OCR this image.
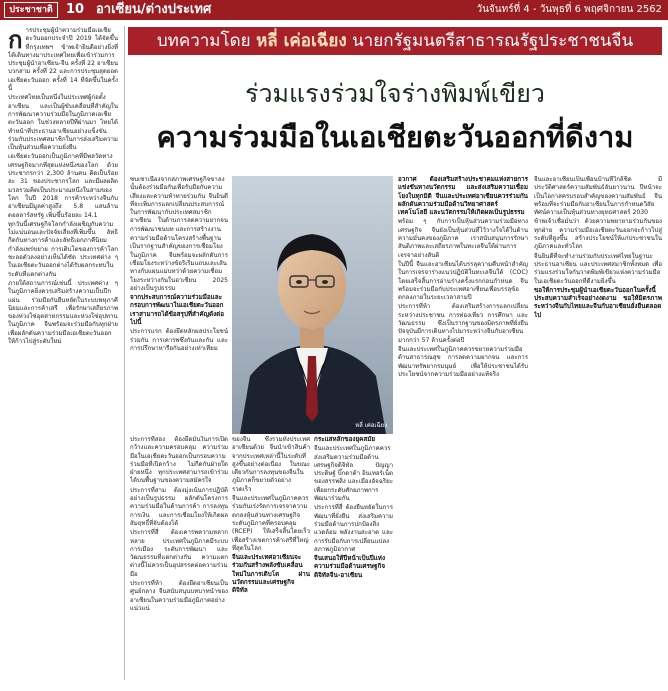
ประชาชาติ	10 อาเซียน/ต่างประเทศ	วันจันทร์ที่ 4 - วันพุธที่ 6 พฤศจิกายน 2562
ก ารประชุมผู้นำความร่วมมือเอเชียตะวันออกประจำปี 2019 ได้จัดขึ้นที่กรุงเทพฯ ข้าพเจ้ายินดีอย่างยิ่งที่ได้เดินทางมาประเทศไทยเพื่อเข้าร่วมการประชุมผู้นำอาเซียน-จีน ครั้งที่ 22 อาเซียนบวกสาม ครั้งที่ 22 และการประชุมสุดยอดเอเชียตะวันออก ครั้งที่ 14 ที่จัดขึ้นในครั้งนี้

ประเทศไทยเป็นหนึ่งในประเทศผู้ก่อตั้งอาเซียน และเป็นผู้ขับเคลื่อนที่สำคัญในการพัฒนาความร่วมมือในภูมิภาคเอเชียตะวันออก ในช่วงหลายปีที่ผ่านมา ไทยได้ทำหน้าที่ประธานอาเซียนอย่างแข็งขัน ร่วมกับประเทศสมาชิกในการส่งเสริมความเป็นหุ้นส่วนเพื่อความยั่งยืน

เอเชียตะวันออกเป็นภูมิภาคที่มีพลวัตทางเศรษฐกิจมากที่สุดแห่งหนึ่งของโลก ด้วยประชากรกว่า 2,300 ล้านคน คิดเป็นร้อยละ 31 ของประชากรโลก และมีผลผลิตมวลรวมคิดเป็นประมาณหนึ่งในสามของโลก ในปี 2018 การค้าระหว่างจีนกับอาเซียนมีมูลค่าสูงถึง 5.8 แสนล้านดอลลาร์สหรัฐ เพิ่มขึ้นร้อยละ 14.1

ทุกวันนี้เศรษฐกิจโลกกำลังเผชิญกับความไม่แน่นอนและปัจจัยเสี่ยงที่เพิ่มขึ้น ลัทธิกีดกันทางการค้าและลัทธิเอกภาคีนิยมกำลังแพร่ขยาย การเติบโตของการค้าโลกชะลอตัวลงอย่างเห็นได้ชัด ประเทศต่าง ๆ ในเอเชียตะวันออกต่างได้รับผลกระทบในระดับที่แตกต่างกัน

ภายใต้สถานการณ์เช่นนี้ ประเทศต่าง ๆ ในภูมิภาคยิ่งควรเสริมสร้างความเป็นปึกแผ่น ร่วมมือกันยืนหยัดในระบบพหุภาคีนิยมและการค้าเสรี เพื่อรักษาเสถียรภาพของห่วงโซ่อุตสาหกรรมและห่วงโซ่อุปทานในภูมิภาค จีนพร้อมจะร่วมมือกับทุกฝ่ายเพื่อผลักดันความร่วมมือเอเชียตะวันออกให้ก้าวไปสู่ระดับใหม่

บทความโดย หลี่ เค่อเฉียง นายกรัฐมนตรีสาธารณรัฐประชาชนจีน
ร่วมแรงร่วมใจร่างพิมพ์เขียว
ความร่วมมือในเอเชียตะวันออกที่ดีงาม

ซบเซาเนื่องจากสภาพเศรษฐกิจขาลงนั้นต้องร่วมมือกันเพื่อรับมือกับความเสี่ยงและความท้าทายร่วมกัน จีนยินดีที่จะเพิ่มการแลกเปลี่ยนประสบการณ์ในการพัฒนากับประเทศสมาชิกอาเซียน ในด้านการลดความยากจน การพัฒนาชนบท และการสร้างงาน

ความร่วมมือด้านโครงสร้างพื้นฐานเป็นรากฐานสำคัญของการเชื่อมโยงในภูมิภาค จีนพร้อมจะผลักดันการเชื่อมโยงระหว่างข้อริเริ่มแถบและเส้นทางกับแผนแม่บทว่าด้วยความเชื่อมโยงระหว่างกันในอาเซียน 2025 อย่างเป็นรูปธรรม

จากประสบการณ์ความร่วมมือและกรอบการพัฒนาในเอเชียตะวันออก เราสามารถได้ข้อสรุปที่สำคัญดังต่อไปนี้

ประการแรก ต้องยึดหลักผลประโยชน์ร่วมกัน การเคารพซึ่งกันและกัน และการปรึกษาหารือกันอย่างเท่าเทียม

หลี่ เค่อเฉียง

ประการที่สอง ต้องยึดมั่นในการเปิดกว้างและความครอบคลุม ความร่วมมือในเอเชียตะวันออกเป็นกรอบความร่วมมือที่เปิดกว้าง ไม่กีดกันฝ่ายใดฝ่ายหนึ่ง ทุกประเทศสามารถเข้าร่วมได้บนพื้นฐานของความสมัครใจ

ประการที่สาม ต้องมุ่งเน้นการปฏิบัติอย่างเป็นรูปธรรม ผลักดันโครงการความร่วมมือในด้านการค้า การลงทุน การเงิน และการเชื่อมโยงให้เกิดผลสัมฤทธิ์ที่จับต้องได้

ประการที่สี่ ต้องเคารพความหลากหลาย ประเทศในภูมิภาคมีระบบการเมือง ระดับการพัฒนา และวัฒนธรรมที่แตกต่างกัน ความแตกต่างนี้ไม่ควรเป็นอุปสรรคต่อความร่วมมือ

ประการที่ห้า ต้องยึดอาเซียนเป็นศูนย์กลาง จีนสนับสนุนบทบาทนำของอาเซียนในความร่วมมือภูมิภาคอย่างแน่วแน่

ของจีน ซึ่งรวมทั้งประเทศอาเซียนด้วย จีนนำเข้าสินค้าจากประเทศเหล่านี้ในระดับที่สูงขึ้นอย่างต่อเนื่อง ในขณะเดียวกันการลงทุนของจีนในภูมิภาคก็ขยายตัวอย่างรวดเร็ว

จีนและประเทศในภูมิภาคควรร่วมกันเร่งรัดการเจรจาความตกลงหุ้นส่วนทางเศรษฐกิจระดับภูมิภาคที่ครอบคลุม (RCEP) ให้เสร็จสิ้นโดยเร็ว เพื่อสร้างเขตการค้าเสรีที่ใหญ่ที่สุดในโลก

จีนและประเทศอาเซียนจะร่วมกันสร้างพลังขับเคลื่อนใหม่ในการเติบโต ผ่านนวัตกรรมและเศรษฐกิจดิจิทัล

กระแสหลักของยุคสมัย

จีนและประเทศในภูมิภาคควรส่งเสริมความร่วมมือด้านเศรษฐกิจดิจิทัล ปัญญาประดิษฐ์ บิ๊กดาต้า อินเทอร์เน็ตของสรรพสิ่ง และเมืองอัจฉริยะ เพื่อยกระดับศักยภาพการพัฒนาร่วมกัน

ประการที่สี่ ต้องยืนหยัดในการพัฒนาที่ยั่งยืน ส่งเสริมความร่วมมือด้านการปกป้องสิ่งแวดล้อม พลังงานสะอาด และการรับมือกับการเปลี่ยนแปลงสภาพภูมิอากาศ

จีนเสนอให้ปีหน้าเป็นปีแห่งความร่วมมือด้านเศรษฐกิจดิจิทัลจีน-อาเซียน

อวกาศ ต้องเสริมสร้างประชาคมแห่งสายการแข่งขันทางนวัตกรรม และส่งเสริมความเชื่อมโยงในทุกมิติ จีนและประเทศอาเซียนควรร่วมกันผลักดันความร่วมมือด้านวิทยาศาสตร์ เทคโนโลยี และนวัตกรรมให้เกิดผลเป็นรูปธรรม

พร้อม ๆ กับการเป็นหุ้นส่วนความร่วมมือทางเศรษฐกิจ จีนยังเป็นหุ้นส่วนที่ไว้วางใจได้ในด้านความมั่นคงของภูมิภาค เราสนับสนุนการรักษาสันติภาพและเสถียรภาพในทะเลจีนใต้ผ่านการเจรจาอย่างสันติ

ในปีนี้ จีนและอาเซียนได้บรรลุความคืบหน้าสำคัญในการเจรจาร่างแนวปฏิบัติในทะเลจีนใต้ (COC) โดยเสร็จสิ้นการอ่านร่างครั้งแรกก่อนกำหนด จีนพร้อมจะร่วมมือกับประเทศอาเซียนเพื่อบรรลุข้อตกลงภายในระยะเวลาสามปี

ประการที่ห้า ต้องเสริมสร้างการแลกเปลี่ยนระหว่างประชาชน การท่องเที่ยว การศึกษา และวัฒนธรรม ซึ่งเป็นรากฐานของมิตรภาพที่ยั่งยืน ปัจจุบันมีการเดินทางไปมาระหว่างจีนกับอาเซียนมากกว่า 57 ล้านครั้งต่อปี

จีนและประเทศในภูมิภาคควรขยายความร่วมมือด้านสาธารณสุข การลดความยากจน และการพัฒนาทรัพยากรมนุษย์ เพื่อให้ประชาชนได้รับประโยชน์จากความร่วมมืออย่างแท้จริง

จีนและอาเซียนเป็นเพื่อนบ้านที่ใกล้ชิด มีประวัติศาสตร์ความสัมพันธ์อันยาวนาน ปีหน้าจะเป็นโอกาสครบรอบสำคัญของความสัมพันธ์ จีนพร้อมที่จะร่วมมือกับอาเซียนในการกำหนดวิสัยทัศน์ความเป็นหุ้นส่วนทางยุทธศาสตร์ 2030

ข้าพเจ้าเชื่อมั่นว่า ด้วยความพยายามร่วมกันของทุกฝ่าย ความร่วมมือเอเชียตะวันออกจะก้าวไปสู่ระดับที่สูงขึ้น สร้างประโยชน์ให้แก่ประชาชนในภูมิภาคและทั่วโลก

จีนยินดีที่จะทำงานร่วมกับประเทศไทยในฐานะประธานอาเซียน และประเทศสมาชิกทั้งหมด เพื่อร่วมแรงร่วมใจกันวาดพิมพ์เขียวแห่งความร่วมมือในเอเชียตะวันออกที่ดีงามยิ่งขึ้น

ขอให้การประชุมผู้นำเอเชียตะวันออกในครั้งนี้ประสบความสำเร็จอย่างงดงาม ขอให้มิตรภาพระหว่างจีนกับไทยและจีนกับอาเซียนยั่งยืนตลอดไป
